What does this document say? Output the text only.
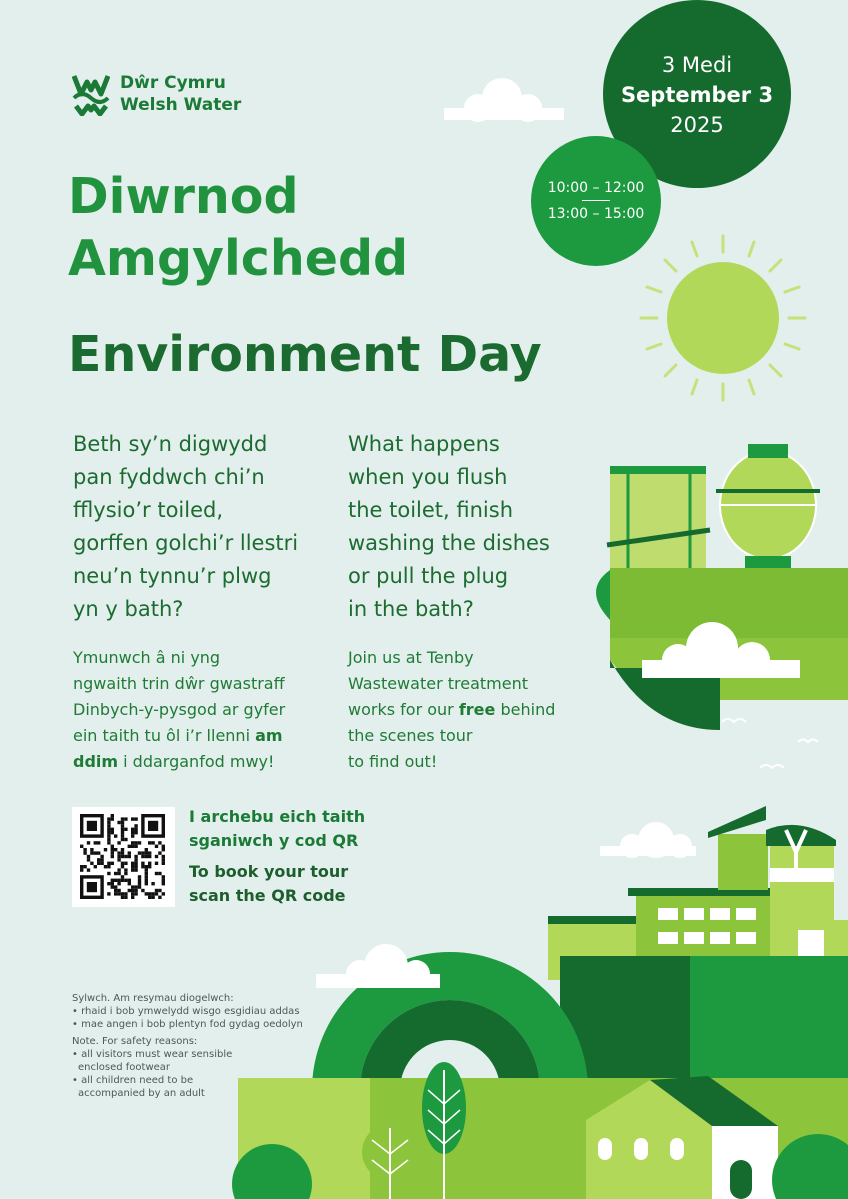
Dŵr Cymru
Welsh Water
3 Medi
September 3
2025
10:00 – 12:00
13:00 – 15:00
Diwrnod
Amgylchedd
Environment Day
Beth sy’n digwydd
pan fyddwch chi’n
fflysio’r toiled,
gorffen golchi’r llestri
neu’n tynnu’r plwg
yn y bath?
What happens
when you flush
the toilet, finish
washing the dishes
or pull the plug
in the bath?
Ymunwch â ni yng
ngwaith trin dŵr gwastraff
Dinbych-y-pysgod ar gyfer
ein taith tu ôl i’r llenni am
ddim i ddarganfod mwy!
Join us at Tenby
Wastewater treatment
works for our free behind
the scenes tour
to find out!
I archebu eich taith
sganiwch y cod QR
To book your tour
scan the QR code
Sylwch. Am resymau diogelwch:
• rhaid i bob ymwelydd wisgo esgidiau addas
• mae angen i bob plentyn fod gydag oedolyn
Note. For safety reasons:
• all visitors must wear sensible
enclosed footwear
• all children need to be
accompanied by an adult
